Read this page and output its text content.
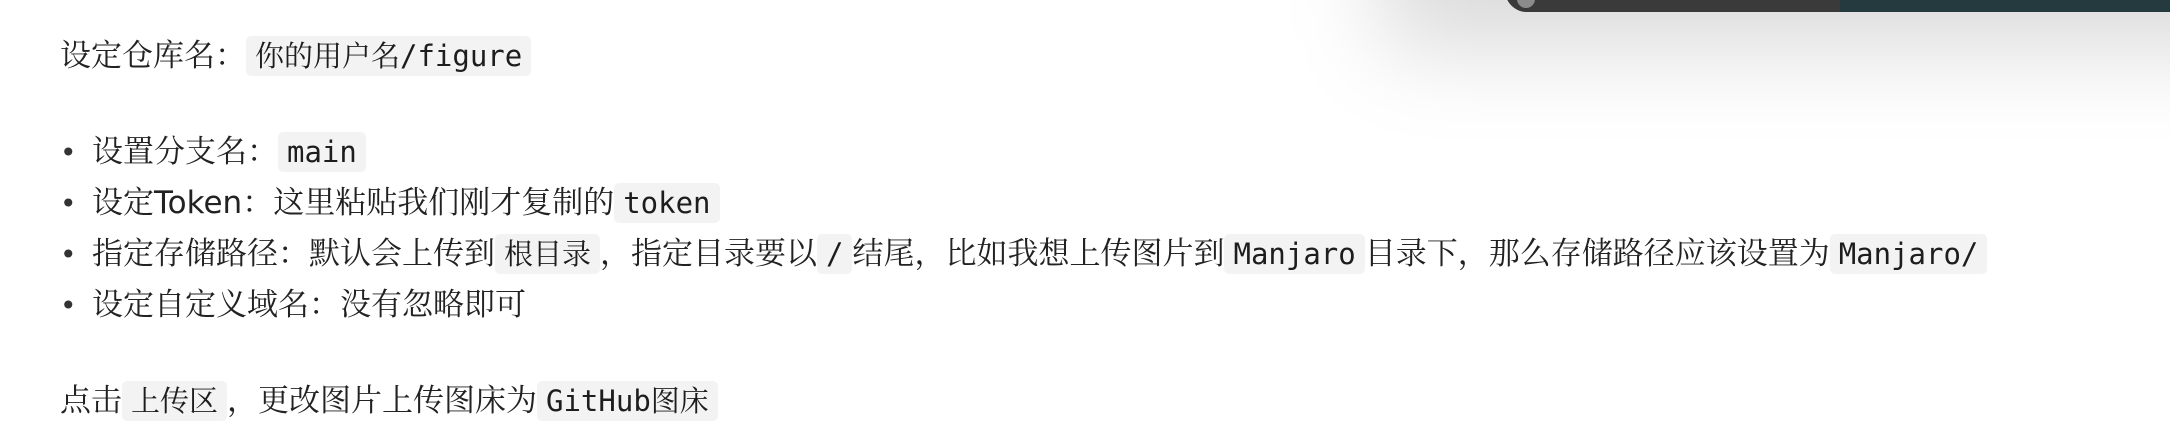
设定仓库名： 你的用户名/figure
• 设置分支名： main
• 设定Token：这里粘贴我们刚才复制的 token
• 指定存储路径：默认会上传到 根目录 ，指定目录要以 / 结尾，比如我想上传图片到 Manjaro 目录下，那么存储路径应该设置为 Manjaro/
• 设定自定义域名：没有忽略即可
点击 上传区 ，更改图片上传图床为 GitHub图床
